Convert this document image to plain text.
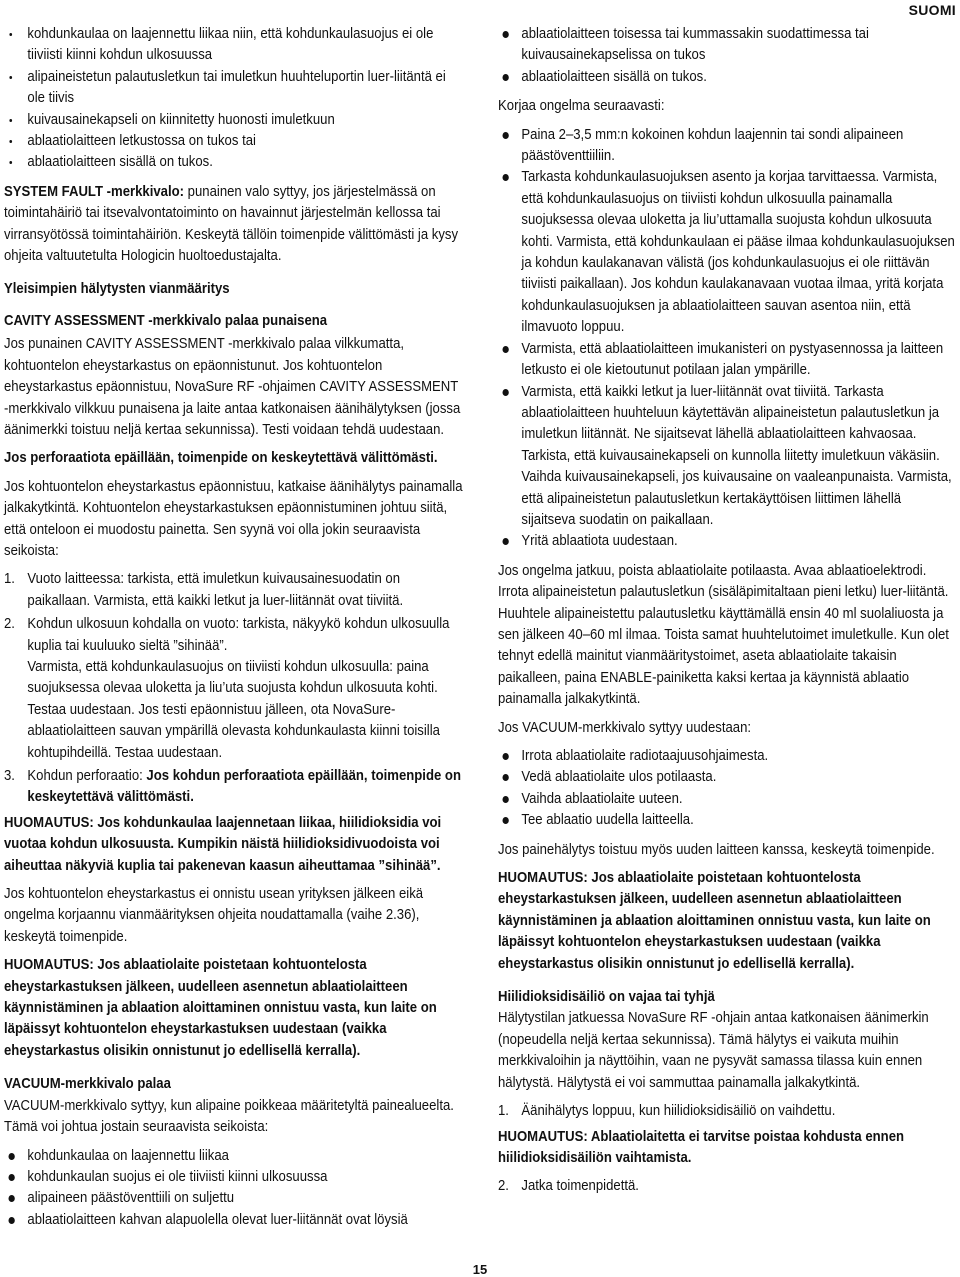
SUOMI
kohdunkaulaa on laajennettu liikaa niin, että kohdunkaulasuojus ei ole tiiviisti kiinni kohdun ulkosuussa
alipaineistetun palautusletkun tai imuletkun huuhteluportin luer-liitäntä ei ole tiivis
kuivausainekapseli on kiinnitetty huonosti imuletkuun
ablaatiolaitteen letkustossa on tukos tai
ablaatiolaitteen sisällä on tukos.

SYSTEM FAULT -merkkivalo: punainen valo syttyy, jos järjestelmässä on toimintahäiriö tai itsevalvontatoiminto on havainnut järjestelmän kellossa tai virransyötössä toimintahäiriön. Keskeytä tällöin toimenpide välittömästi ja kysy ohjeita valtuutetulta Hologicin huoltoedustajalta.

Yleisimpien hälytysten vianmääritys
CAVITY ASSESSMENT -merkkivalo palaa punaisena

Jos punainen CAVITY ASSESSMENT -merkkivalo palaa vilkkumatta, kohtuontelon eheystarkastus on epäonnistunut. Jos kohtuontelon eheystarkastus epäonnistuu, NovaSure RF -ohjaimen CAVITY ASSESSMENT -merkkivalo vilkkuu punaisena ja laite antaa katkonaisen äänihälytyksen (jossa äänimerkki toistuu neljä kertaa sekunnissa). Testi voidaan tehdä uudestaan.

Jos perforaatiota epäillään, toimenpide on keskeytettävä välittömästi.

Jos kohtuontelon eheystarkastus epäonnistuu, katkaise äänihälytys painamalla jalkakytkintä. Kohtuontelon eheystarkastuksen epäonnistuminen johtuu siitä, että onteloon ei muodostu painetta. Sen syynä voi olla jokin seuraavista seikoista:

1. Vuoto laitteessa: tarkista, että imuletkun kuivausainesuodatin on paikallaan. Varmista, että kaikki letkut ja luer-liitännät ovat tiiviitä.
2. Kohdun ulkosuun kohdalla on vuoto: tarkista, näkyykö kohdun ulkosuulla kuplia tai kuuluuko sieltä ”sihinää”.
Varmista, että kohdunkaulasuojus on tiiviisti kohdun ulkosuulla: paina suojuksessa olevaa uloketta ja liu’uta suojusta kohdun ulkosuuta kohti. Testaa uudestaan. Jos testi epäonnistuu jälleen, ota NovaSure-ablaatiolaitteen sauvan ympärillä olevasta kohdunkaulasta kiinni toisilla kohtupihdeillä. Testaa uudestaan.
3. Kohdun perforaatio: Jos kohdun perforaatiota epäillään, toimenpide on keskeytettävä välittömästi.

HUOMAUTUS: Jos kohdunkaulaa laajennetaan liikaa, hiilidioksidia voi vuotaa kohdun ulkosuusta. Kumpikin näistä hiilidioksidivuodoista voi aiheuttaa näkyviä kuplia tai pakenevan kaasun aiheuttamaa ”sihinää”.

Jos kohtuontelon eheystarkastus ei onnistu usean yrityksen jälkeen eikä ongelma korjaannu vianmäärityksen ohjeita noudattamalla (vaihe 2.36), keskeytä toimenpide.

HUOMAUTUS: Jos ablaatiolaite poistetaan kohtuontelosta eheystarkastuksen jälkeen, uudelleen asennetun ablaatiolaitteen käynnistäminen ja ablaation aloittaminen onnistuu vasta, kun laite on läpäissyt kohtuontelon eheystarkastuksen uudestaan (vaikka eheystarkastus olisikin onnistunut jo edellisellä kerralla).

VACUUM-merkkivalo palaa

VACUUM-merkkivalo syttyy, kun alipaine poikkeaa määritetyltä painealueelta. Tämä voi johtua jostain seuraavista seikoista:

kohdunkaulaa on laajennettu liikaa
kohdunkaulan suojus ei ole tiiviisti kiinni ulkosuussa
alipaineen päästöventtiili on suljettu
ablaatiolaitteen kahvan alapuolella olevat luer-liitännät ovat löysiä
ablaatiolaitteen toisessa tai kummassakin suodattimessa tai kuivausainekapselissa on tukos
ablaatiolaitteen sisällä on tukos.

Korjaa ongelma seuraavasti:

Paina 2–3,5 mm:n kokoinen kohdun laajennin tai sondi alipaineen päästöventtiiliin.
Tarkasta kohdunkaulasuojuksen asento ja korjaa tarvittaessa. Varmista, että kohdunkaulasuojus on tiiviisti kohdun ulkosuulla painamalla suojuksessa olevaa uloketta ja liu’uttamalla suojusta kohdun ulkosuuta kohti. Varmista, että kohdunkaulaan ei pääse ilmaa kohdunkaulasuojuksen ja kohdun kaulakanavan välistä (jos kohdunkaulasuojus ei ole riittävän tiiviisti paikallaan). Jos kohdun kaulakanavaan vuotaa ilmaa, yritä korjata kohdunkaulasuojuksen ja ablaatiolaitteen sauvan asentoa niin, että ilmavuoto loppuu.
Varmista, että ablaatiolaitteen imukanisteri on pystyasennossa ja laitteen letkusto ei ole kietoutunut potilaan jalan ympärille.
Varmista, että kaikki letkut ja luer-liitännät ovat tiiviitä. Tarkasta ablaatiolaitteen huuhteluun käytettävän alipaineistetun palautusletkun ja imuletkun liitännät. Ne sijaitsevat lähellä ablaatiolaitteen kahvaosaa. Tarkista, että kuivausainekapseli on kunnolla liitetty imuletkuun väkäsiin. Vaihda kuivausainekapseli, jos kuivausaine on vaaleanpunaista. Varmista, että alipaineistetun palautusletkun kertakäyttöisen liittimen lähellä sijaitseva suodatin on paikallaan.
Yritä ablaatiota uudestaan.

Jos ongelma jatkuu, poista ablaatiolaite potilaasta. Avaa ablaatioelektrodi. Irrota alipaineistetun palautusletkun (sisäläpimitaltaan pieni letku) luer-liitäntä. Huuhtele alipaineistettu palautusletku käyttämällä ensin 40 ml suolaliuosta ja sen jälkeen 40–60 ml ilmaa. Toista samat huuhtelutoimet imuletkulle. Kun olet tehnyt edellä mainitut vianmääritystoimet, aseta ablaatiolaite takaisin paikalleen, paina ENABLE-painiketta kaksi kertaa ja käynnistä ablaatio painamalla jalkakytkintä.

Jos VACUUM-merkkivalo syttyy uudestaan:

Irrota ablaatiolaite radiotaajuusohjaimesta.
Vedä ablaatiolaite ulos potilaasta.
Vaihda ablaatiolaite uuteen.
Tee ablaatio uudella laitteella.

Jos painehälytys toistuu myös uuden laitteen kanssa, keskeytä toimenpide.

HUOMAUTUS: Jos ablaatiolaite poistetaan kohtuontelosta eheystarkastuksen jälkeen, uudelleen asennetun ablaatiolaitteen käynnistäminen ja ablaation aloittaminen onnistuu vasta, kun laite on läpäissyt kohtuontelon eheystarkastuksen uudestaan (vaikka eheystarkastus olisikin onnistunut jo edellisellä kerralla).

Hiilidioksidisäiliö on vajaa tai tyhjä

Hälytystilan jatkuessa NovaSure RF -ohjain antaa katkonaisen äänimerkin (nopeudella neljä kertaa sekunnissa). Tämä hälytys ei vaikuta muihin merkkivaloihin ja näyttöihin, vaan ne pysyvät samassa tilassa kuin ennen hälytystä. Hälytystä ei voi sammuttaa painamalla jalkakytkintä.

1. Äänihälytys loppuu, kun hiilidioksidisäiliö on vaihdettu.

HUOMAUTUS: Ablaatiolaitetta ei tarvitse poistaa kohdusta ennen hiilidioksidisäiliön vaihtamista.

2. Jatka toimenpidettä.
15
